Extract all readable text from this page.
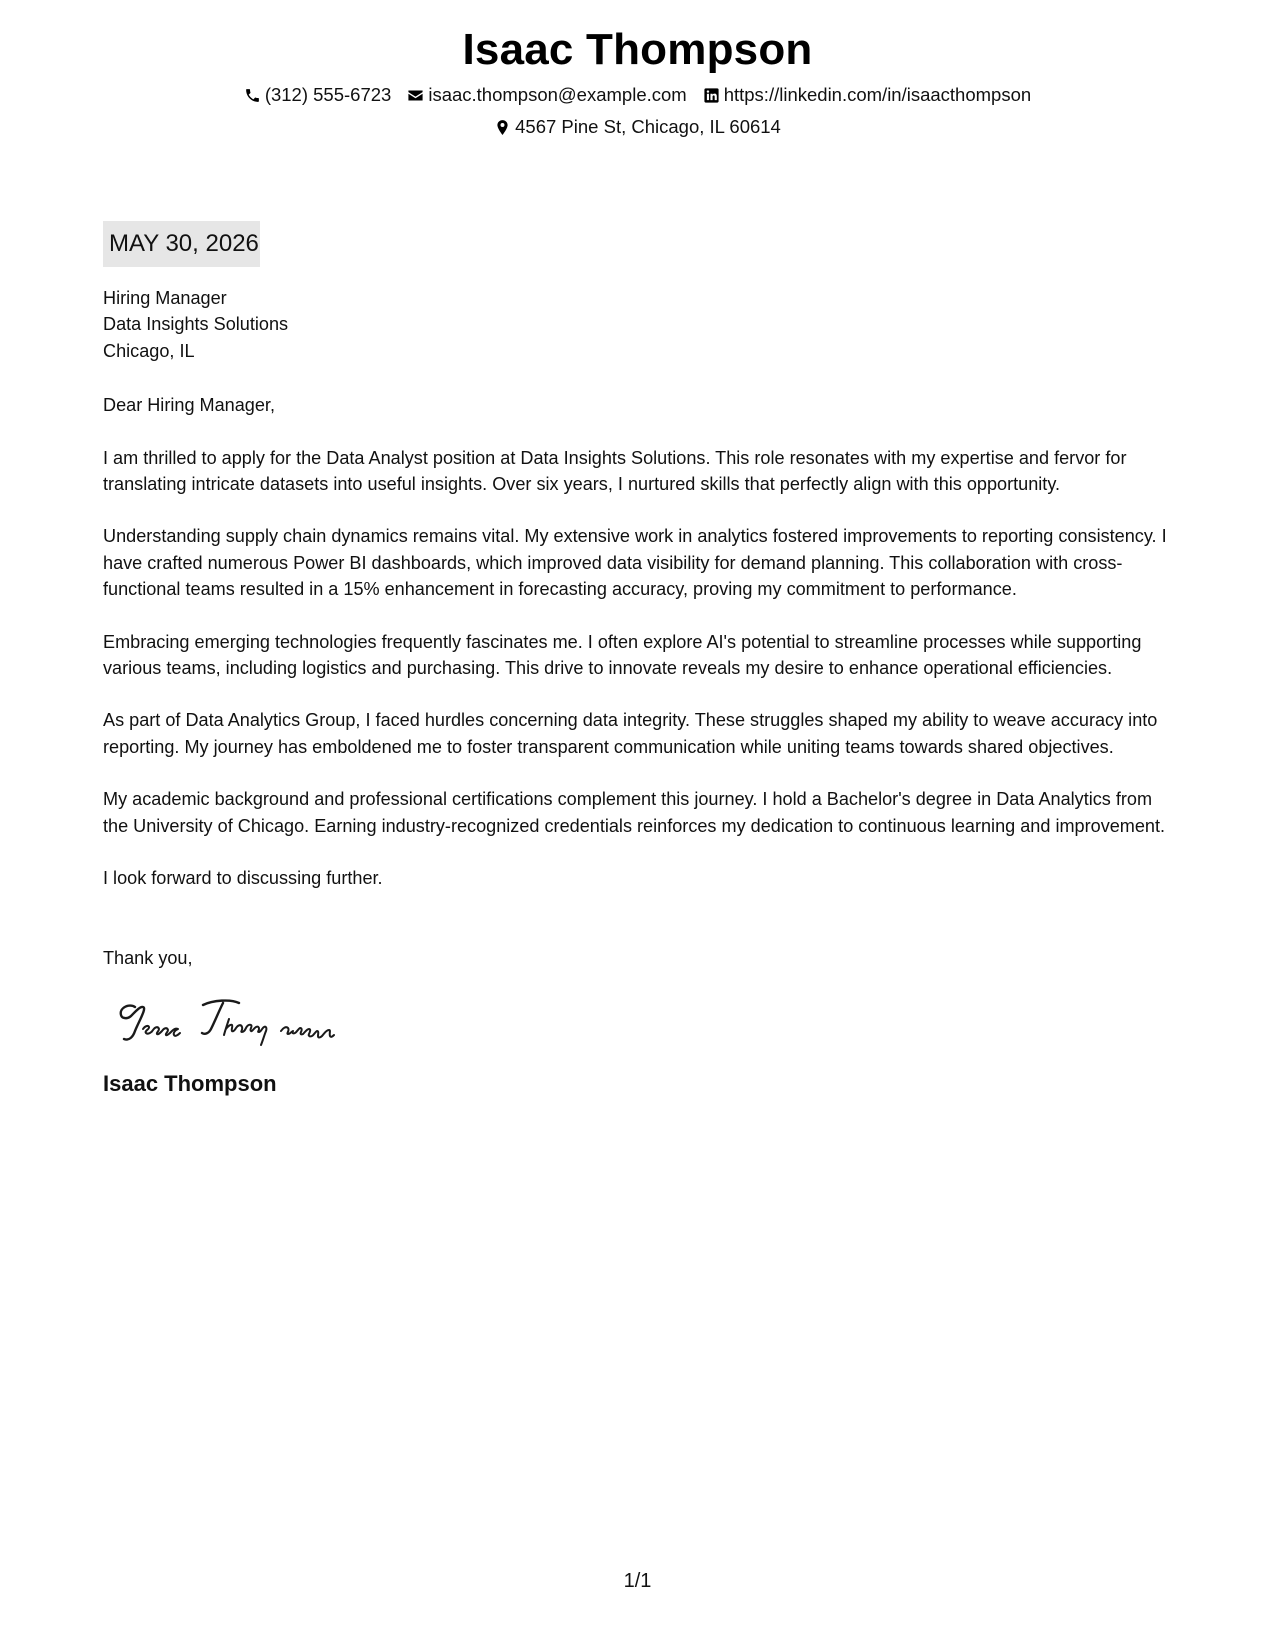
Isaac Thompson
(312) 555-6723 isaac.thompson@example.com https://linkedin.com/in/isaacthompson
4567 Pine St, Chicago, IL 60614
MAY 30, 2026
Hiring Manager
Data Insights Solutions
Chicago, IL
Dear Hiring Manager,
I am thrilled to apply for the Data Analyst position at Data Insights Solutions. This role resonates with my expertise and fervor for translating intricate datasets into useful insights. Over six years, I nurtured skills that perfectly align with this opportunity.
Understanding supply chain dynamics remains vital. My extensive work in analytics fostered improvements to reporting consistency. I have crafted numerous Power BI dashboards, which improved data visibility for demand planning. This collaboration with cross-functional teams resulted in a 15% enhancement in forecasting accuracy, proving my commitment to performance.
Embracing emerging technologies frequently fascinates me. I often explore AI's potential to streamline processes while supporting various teams, including logistics and purchasing. This drive to innovate reveals my desire to enhance operational efficiencies.
As part of Data Analytics Group, I faced hurdles concerning data integrity. These struggles shaped my ability to weave accuracy into reporting. My journey has emboldened me to foster transparent communication while uniting teams towards shared objectives.
My academic background and professional certifications complement this journey. I hold a Bachelor's degree in Data Analytics from the University of Chicago. Earning industry-recognized credentials reinforces my dedication to continuous learning and improvement.
I look forward to discussing further.
Thank you,
Isaac Thompson
1/1
